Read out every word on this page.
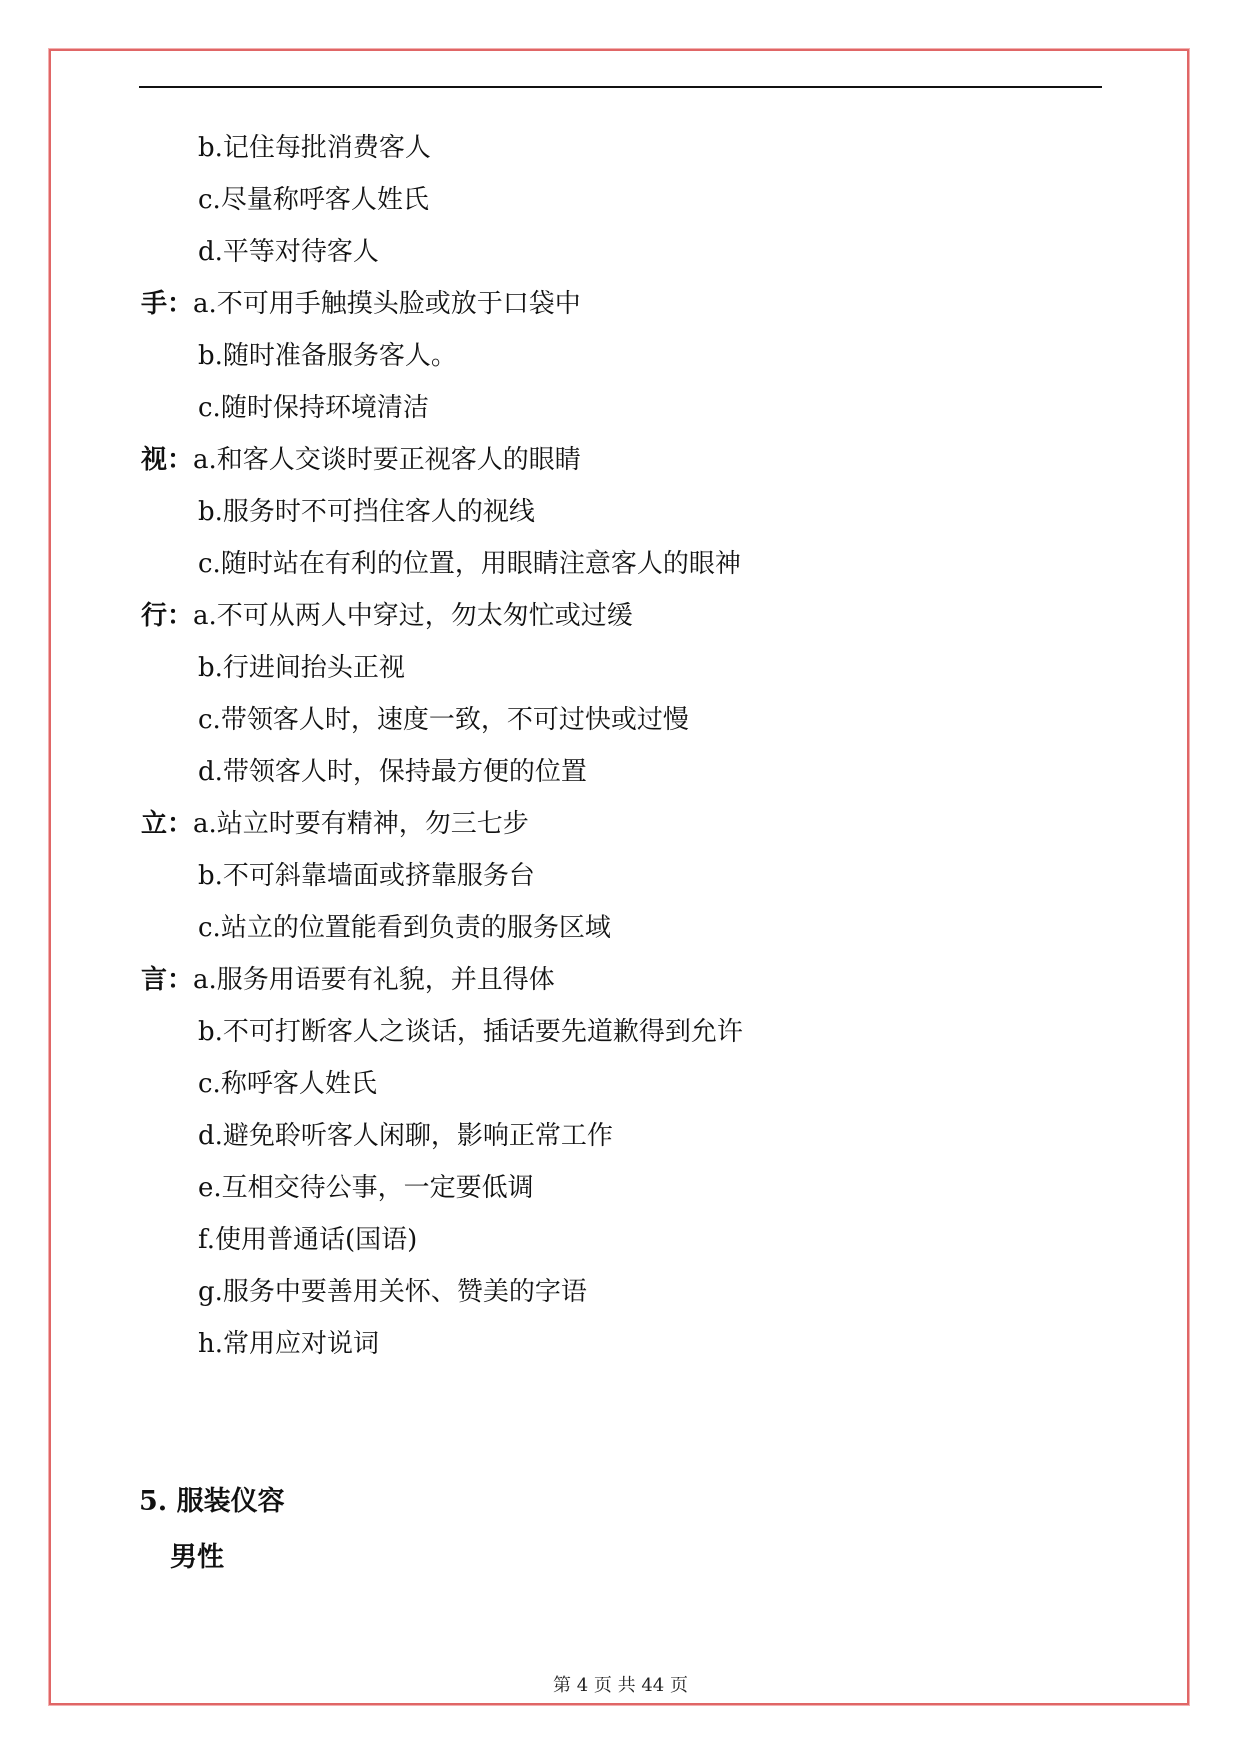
b.记住每批消费客人
c.尽量称呼客人姓氏
d.平等对待客人
手：a.不可用手触摸头脸或放于口袋中
b.随时准备服务客人。
c.随时保持环境清洁
视：a.和客人交谈时要正视客人的眼睛
b.服务时不可挡住客人的视线
c.随时站在有利的位置，用眼睛注意客人的眼神
行：a.不可从两人中穿过，勿太匆忙或过缓
b.行进间抬头正视
c.带领客人时，速度一致，不可过快或过慢
d.带领客人时，保持最方便的位置
立：a.站立时要有精神，勿三七步
b.不可斜靠墙面或挤靠服务台
c.站立的位置能看到负责的服务区域
言：a.服务用语要有礼貌，并且得体
b.不可打断客人之谈话，插话要先道歉得到允许
c.称呼客人姓氏
d.避免聆听客人闲聊，影响正常工作
e.互相交待公事，一定要低调
f.使用普通话(国语)
g.服务中要善用关怀、赞美的字语
h.常用应对说词
5. 服装仪容
男性
第 4 页 共 44 页
